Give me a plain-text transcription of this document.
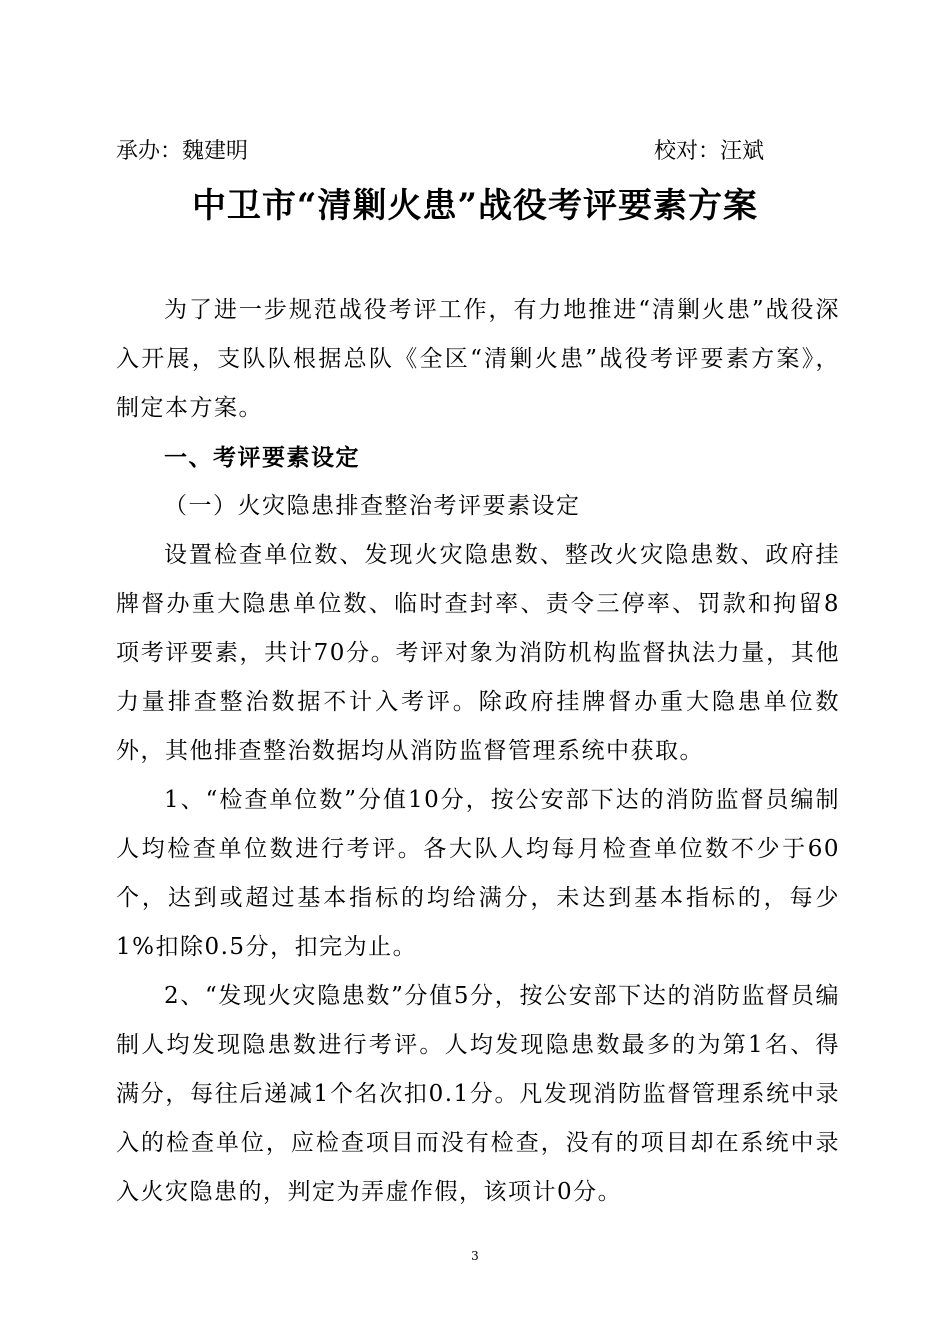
承办：魏建明	校对：汪斌
中卫市“清剿火患”战役考评要素方案

为了进一步规范战役考评工作，有力地推进“清剿火患”战役深入开展，支队队根据总队《全区“清剿火患”战役考评要素方案》，制定本方案。

一、考评要素设定

（一）火灾隐患排查整治考评要素设定

设置检查单位数、发现火灾隐患数、整改火灾隐患数、政府挂牌督办重大隐患单位数、临时查封率、责令三停率、罚款和拘留8项考评要素，共计70分。考评对象为消防机构监督执法力量，其他力量排查整治数据不计入考评。除政府挂牌督办重大隐患单位数外，其他排查整治数据均从消防监督管理系统中获取。

1、“检查单位数”分值10分，按公安部下达的消防监督员编制人均检查单位数进行考评。各大队人均每月检查单位数不少于60个，达到或超过基本指标的均给满分，未达到基本指标的，每少1%扣除0.5分，扣完为止。

2、“发现火灾隐患数”分值5分，按公安部下达的消防监督员编制人均发现隐患数进行考评。人均发现隐患数最多的为第1名、得满分，每往后递减1个名次扣0.1分。凡发现消防监督管理系统中录入的检查单位，应检查项目而没有检查，没有的项目却在系统中录入火灾隐患的，判定为弄虚作假，该项计0分。

3
